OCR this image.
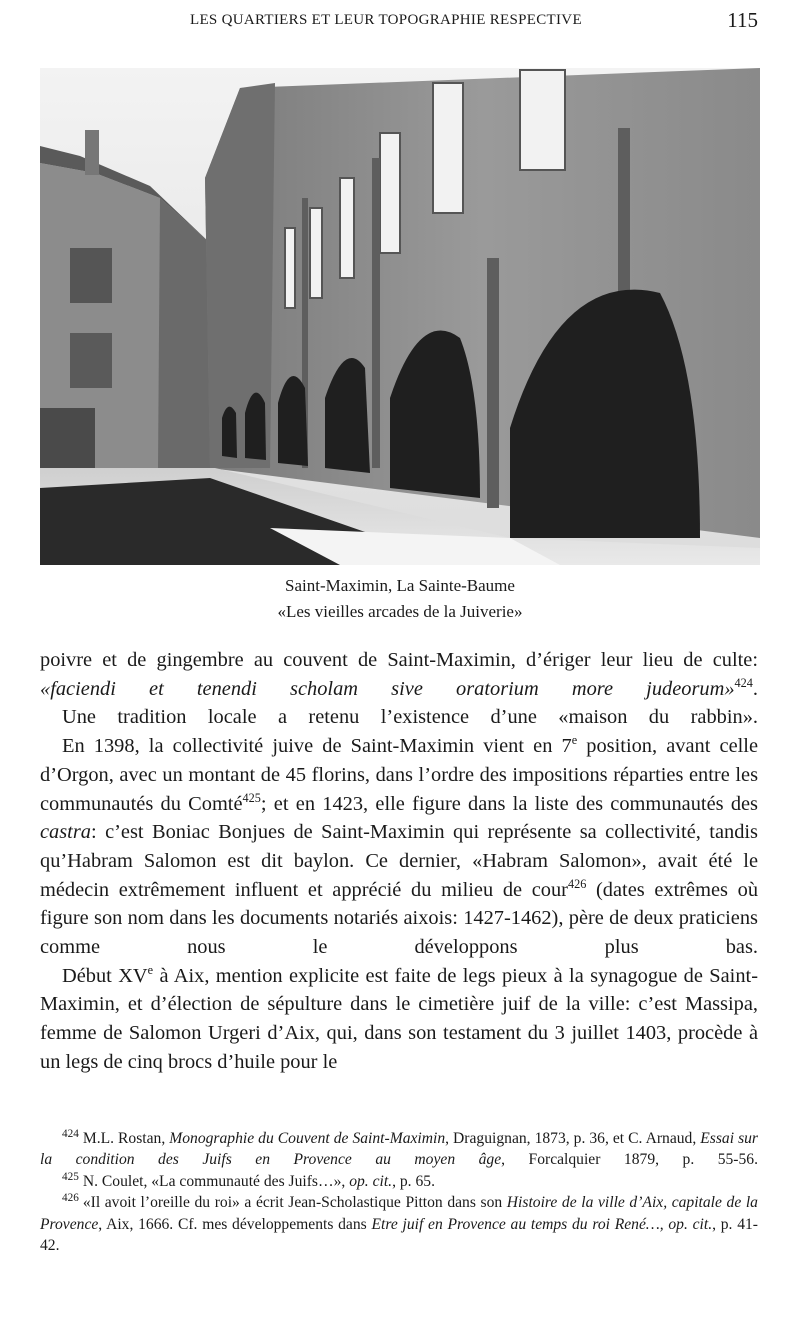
LES QUARTIERS ET LEUR TOPOGRAPHIE RESPECTIVE	115
Saint-Maximin, La Sainte-Baume
«Les vieilles arcades de la Juiverie»

poivre et de gingembre au couvent de Saint-Maximin, d’ériger leur lieu de culte: «faciendi et tenendi scholam sive oratorium more judeorum»$^{424}$.

Une tradition locale a retenu l’existence d’une «maison du rabbin».

En 1398, la collectivité juive de Saint-Maximin vient en 7e position, avant celle d’Orgon, avec un montant de 45 florins, dans l’ordre des impositions réparties entre les communautés du Comté$^{425}$; et en 1423, elle figure dans la liste des communautés des castra: c’est Boniac Bonjues de Saint-Maximin qui représente sa collectivité, tandis qu’Habram Salomon est dit baylon. Ce dernier, «Habram Salomon», avait été le médecin extrêmement influent et apprécié du milieu de cour$^{426}$ (dates extrêmes où figure son nom dans les documents notariés aixois: 1427-1462), père de deux praticiens comme nous le développons plus bas.

Début XVe à Aix, mention explicite est faite de legs pieux à la synagogue de Saint-Maximin, et d’élection de sépulture dans le cimetière juif de la ville: c’est Massipa, femme de Salomon Urgeri d’Aix, qui, dans son testament du 3 juillet 1403, procède à un legs de cinq brocs d’huile pour le

$^{424}$ M.L. Rostan, Monographie du Couvent de Saint-Maximin, Draguignan, 1873, p. 36, et C. Arnaud, Essai sur la condition des Juifs en Provence au moyen âge, Forcalquier 1879, p. 55-56.

$^{425}$ N. Coulet, «La communauté des Juifs…», op. cit., p. 65.

$^{426}$ «Il avoit l’oreille du roi» a écrit Jean-Scholastique Pitton dans son Histoire de la ville d’Aix, capitale de la Provence, Aix, 1666. Cf. mes développements dans Etre juif en Provence au temps du roi René…, op. cit., p. 41-42.
